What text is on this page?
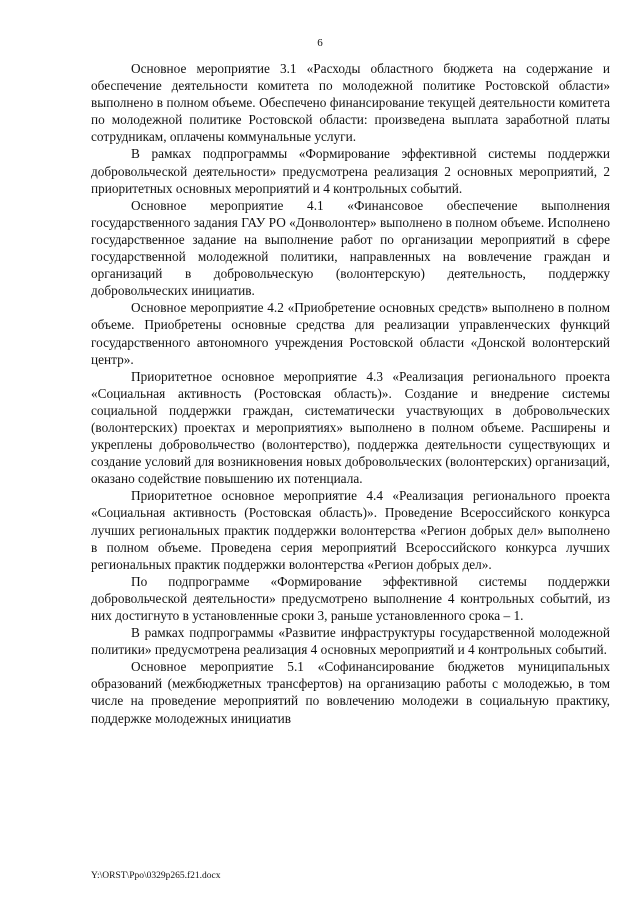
6

Основное мероприятие 3.1 «Расходы областного бюджета на содержание и обеспечение деятельности комитета по молодежной политике Ростовской области» выполнено в полном объеме. Обеспечено финансирование текущей деятельности комитета по молодежной политике Ростовской области: произведена выплата заработной платы сотрудникам, оплачены коммунальные услуги.

В рамках подпрограммы «Формирование эффективной системы поддержки добровольческой деятельности» предусмотрена реализация 2 основных мероприятий, 2 приоритетных основных мероприятий и 4 контрольных событий.

Основное мероприятие 4.1 «Финансовое обеспечение выполнения государственного задания ГАУ РО «Донволонтер» выполнено в полном объеме. Исполнено государственное задание на выполнение работ по организации мероприятий в сфере государственной молодежной политики, направленных на вовлечение граждан и организаций в добровольческую (волонтерскую) деятельность, поддержку добровольческих инициатив.

Основное мероприятие 4.2 «Приобретение основных средств» выполнено в полном объеме. Приобретены основные средства для реализации управленческих функций государственного автономного учреждения Ростовской области «Донской волонтерский центр».

Приоритетное основное мероприятие 4.3 «Реализация регионального проекта «Социальная активность (Ростовская область)». Создание и внедрение системы социальной поддержки граждан, систематически участвующих в добровольческих (волонтерских) проектах и мероприятиях» выполнено в полном объеме. Расширены и укреплены добровольчество (волонтерство), поддержка деятельности существующих и создание условий для возникновения новых добровольческих (волонтерских) организаций, оказано содействие повышению их потенциала.

Приоритетное основное мероприятие 4.4 «Реализация регионального проекта «Социальная активность (Ростовская область)». Проведение Всероссийского конкурса лучших региональных практик поддержки волонтерства «Регион добрых дел» выполнено в полном объеме. Проведена серия мероприятий Всероссийского конкурса лучших региональных практик поддержки волонтерства «Регион добрых дел».

По подпрограмме «Формирование эффективной системы поддержки добровольческой деятельности» предусмотрено выполнение 4 контрольных событий, из них достигнуто в установленные сроки 3, раньше установленного срока – 1.

В рамках подпрограммы «Развитие инфраструктуры государственной молодежной политики» предусмотрена реализация 4 основных мероприятий и 4 контрольных событий.

Основное мероприятие 5.1 «Софинансирование бюджетов муниципальных образований (межбюджетных трансфертов) на организацию работы с молодежью, в том числе на проведение мероприятий по вовлечению молодежи в социальную практику, поддержке молодежных инициатив

Y:\ORST\Ppo\0329p265.f21.docx
